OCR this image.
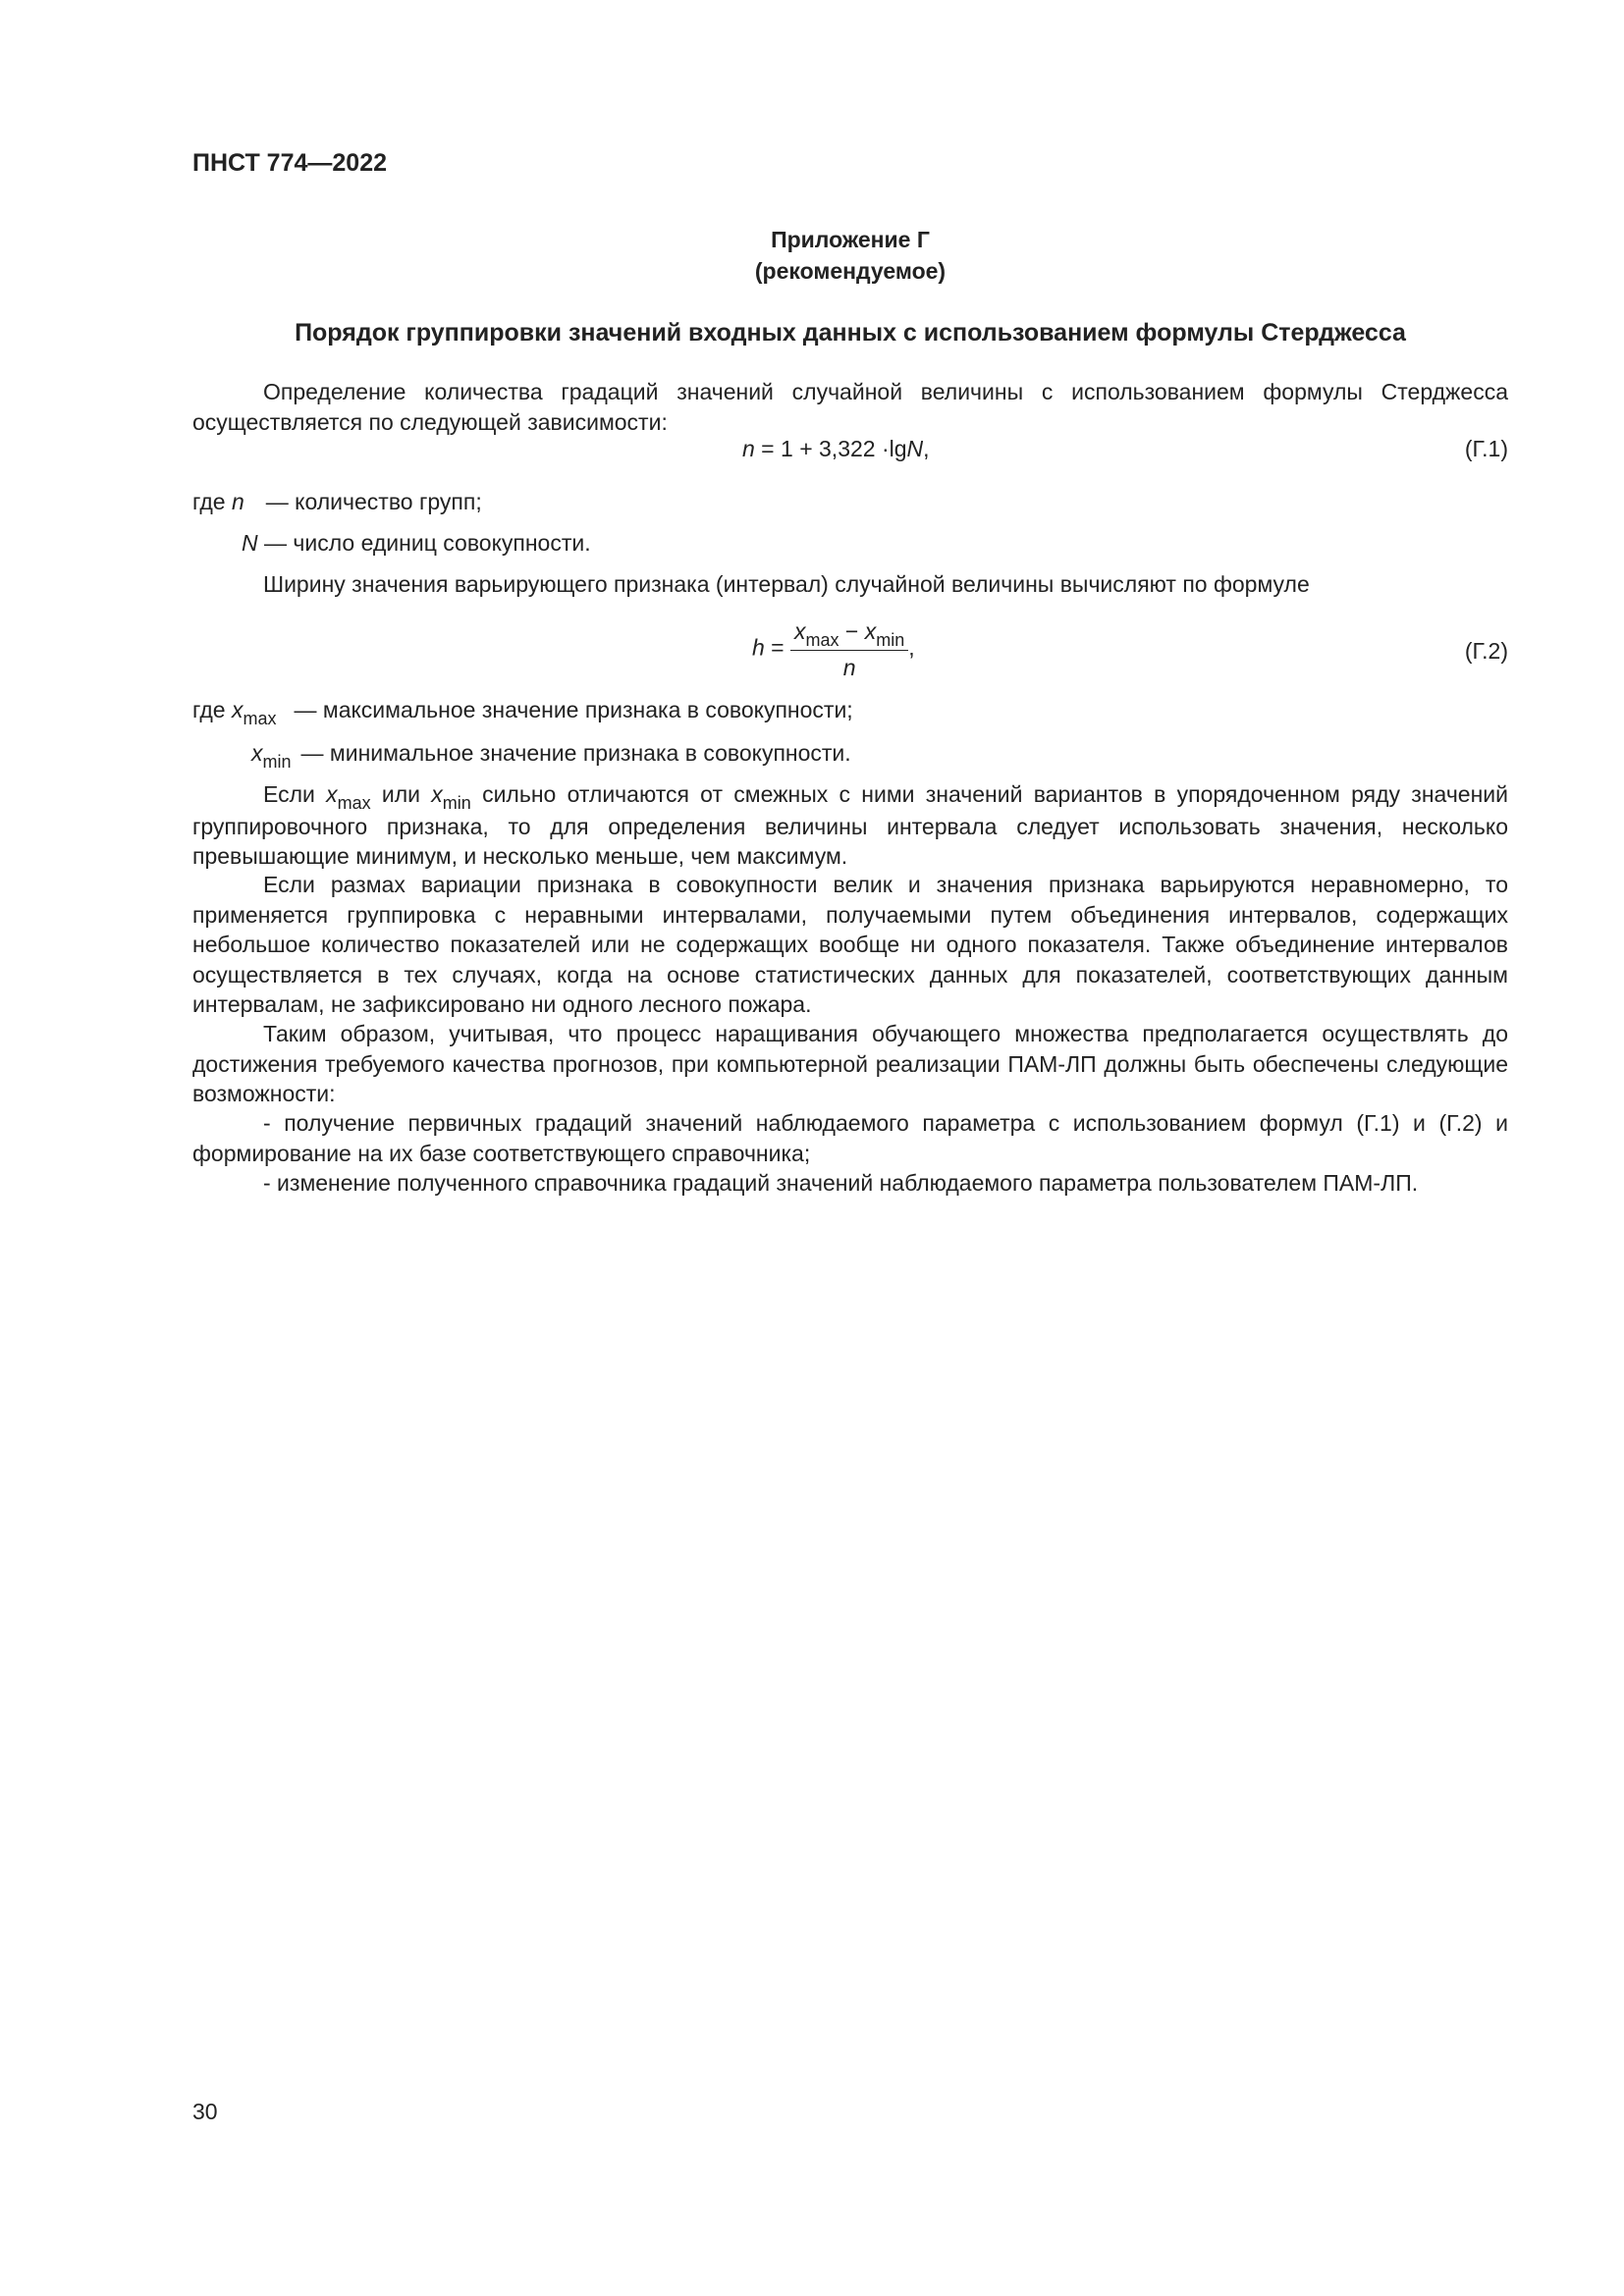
ПНСТ 774—2022
Приложение Г
(рекомендуемое)
Порядок группировки значений входных данных с использованием формулы Стерджесса
Определение количества градаций значений случайной величины с использованием формулы Стерджесса осуществляется по следующей зависимости:
n = 1 + 3,322 ·lgN,	(Г.1)
где n — количество групп;
N — число единиц совокупности.
Ширину значения варьирующего признака (интервал) случайной величины вычисляют по формуле
$h = \frac{x_{max} - x_{min}}{n}$ ,	(Г.2)
где $x_{max}$ — максимальное значение признака в совокупности;
$x_{min}$ — минимальное значение признака в совокупности.
Если $x_{max}$ или $x_{min}$ сильно отличаются от смежных с ними значений вариантов в упорядоченном ряду значений группировочного признака, то для определения величины интервала следует использовать значения, несколько превышающие минимум, и несколько меньше, чем максимум.
Если размах вариации признака в совокупности велик и значения признака варьируются неравномерно, то применяется группировка с неравными интервалами, получаемыми путем объединения интервалов, содержащих небольшое количество показателей или не содержащих вообще ни одного показателя. Также объединение интервалов осуществляется в тех случаях, когда на основе статистических данных для показателей, соответствующих данным интервалам, не зафиксировано ни одного лесного пожара.
Таким образом, учитывая, что процесс наращивания обучающего множества предполагается осуществлять до достижения требуемого качества прогнозов, при компьютерной реализации ПАМ-ЛП должны быть обеспечены следующие возможности:
- получение первичных градаций значений наблюдаемого параметра с использованием формул (Г.1) и (Г.2) и формирование на их базе соответствующего справочника;
- изменение полученного справочника градаций значений наблюдаемого параметра пользователем ПАМ-ЛП.
30
